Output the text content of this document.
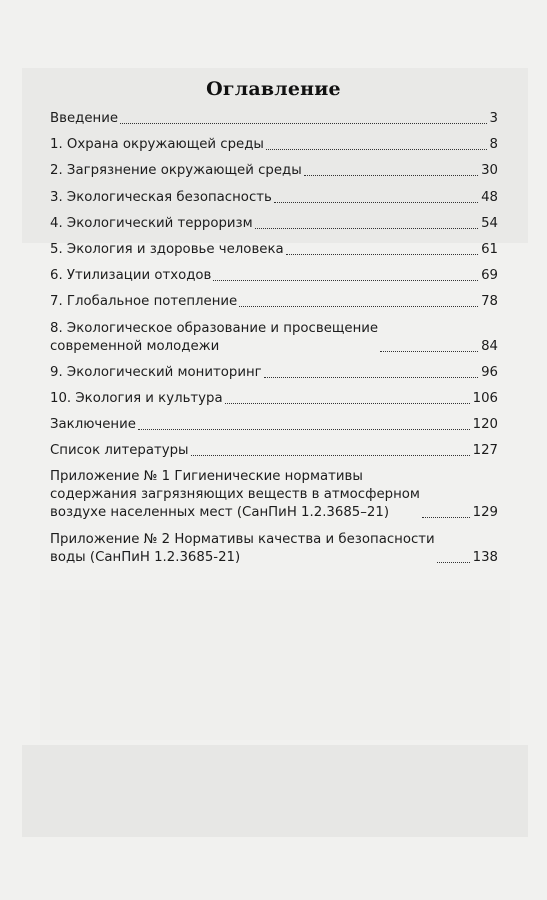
Оглавление
Введение	3
1. Охрана окружающей среды	8
2. Загрязнение окружающей среды	30
3. Экологическая безопасность	48
4. Экологический терроризм	54
5. Экология и здоровье человека	61
6. Утилизации отходов	69
7. Глобальное потепление	78
8. Экологическое образование и просвещение
современной молодежи	84
9. Экологический мониторинг	96
10. Экология и культура	106
Заключение	120
Список литературы	127
Приложение № 1 Гигиенические нормативы
содержания загрязняющих веществ в атмосферном
воздухе населенных мест (СанПиН 1.2.3685–21)	129
Приложение № 2 Нормативы качества и безопасности
воды (СанПиН 1.2.3685-21)	138
